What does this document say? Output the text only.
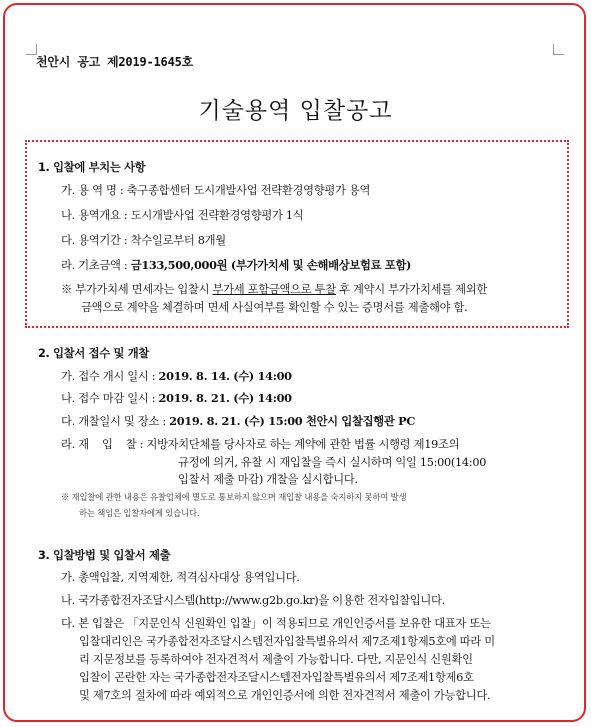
천안시 공고 제2019-1645호
기술용역 입찰공고
1. 입찰에 부치는 사항
가. 용 역 명 : 축구종합센터 도시개발사업 전략환경영향평가 용역
나. 용역개요 : 도시개발사업 전략환경영향평가 1식
다. 용역기간 : 착수일로부터 8개월
라. 기초금액 : 금133,500,000원 (부가가치세 및 손해배상보험료 포함)
※ 부가가치세 면세자는 입찰시 부가세 포함금액으로 투찰 후 계약시 부가가치세를 제외한
금액으로 계약을 체결하며 면세 사실여부를 확인할 수 있는 증명서를 제출해야 함.
2. 입찰서 접수 및 개찰
가. 접수 개시 일시 : 2019. 8. 14. (수) 14:00
나. 접수 마감 일시 : 2019. 8. 21. (수) 14:00
다. 개찰일시 및 장소 : 2019. 8. 21. (수) 15:00 천안시 입찰집행관 PC
라. 재    입    찰 : 지방자치단체를 당사자로 하는 계약에 관한 법률 시행령 제19조의
규정에 의거, 유찰 시 재입찰을 즉시 실시하며 익일 15:00(14:00
입찰서 제출 마감) 개찰을 실시합니다.
※ 재입찰에 관한 내용은 유찰업체에 별도로 통보하지 않으며 재입찰 내용을 숙지하지 못하여 발생
하는 책임은 입찰자에게 있습니다.
3. 입찰방법 및 입찰서 제출
가. 총액입찰, 지역제한, 적격심사대상 용역입니다.
나. 국가종합전자조달시스템(http://www.g2b.go.kr)을 이용한 전자입찰입니다.
다. 본 입찰은 「지문인식 신원확인 입찰」이 적용되므로 개인인증서를 보유한 대표자 또는
입찰대리인은 국가종합전자조달시스템전자입찰특별유의서 제7조제1항제5호에 따라 미
리 지문정보를 등록하여야 전자견적서 제출이 가능합니다. 다만, 지문인식 신원확인
입찰이 곤란한 자는 국가종합전자조달시스템전자입찰특별유의서 제7조제1항제6호
및 제7호의 절차에 따라 예외적으로 개인인증서에 의한 전자견적서 제출이 가능합니다.
